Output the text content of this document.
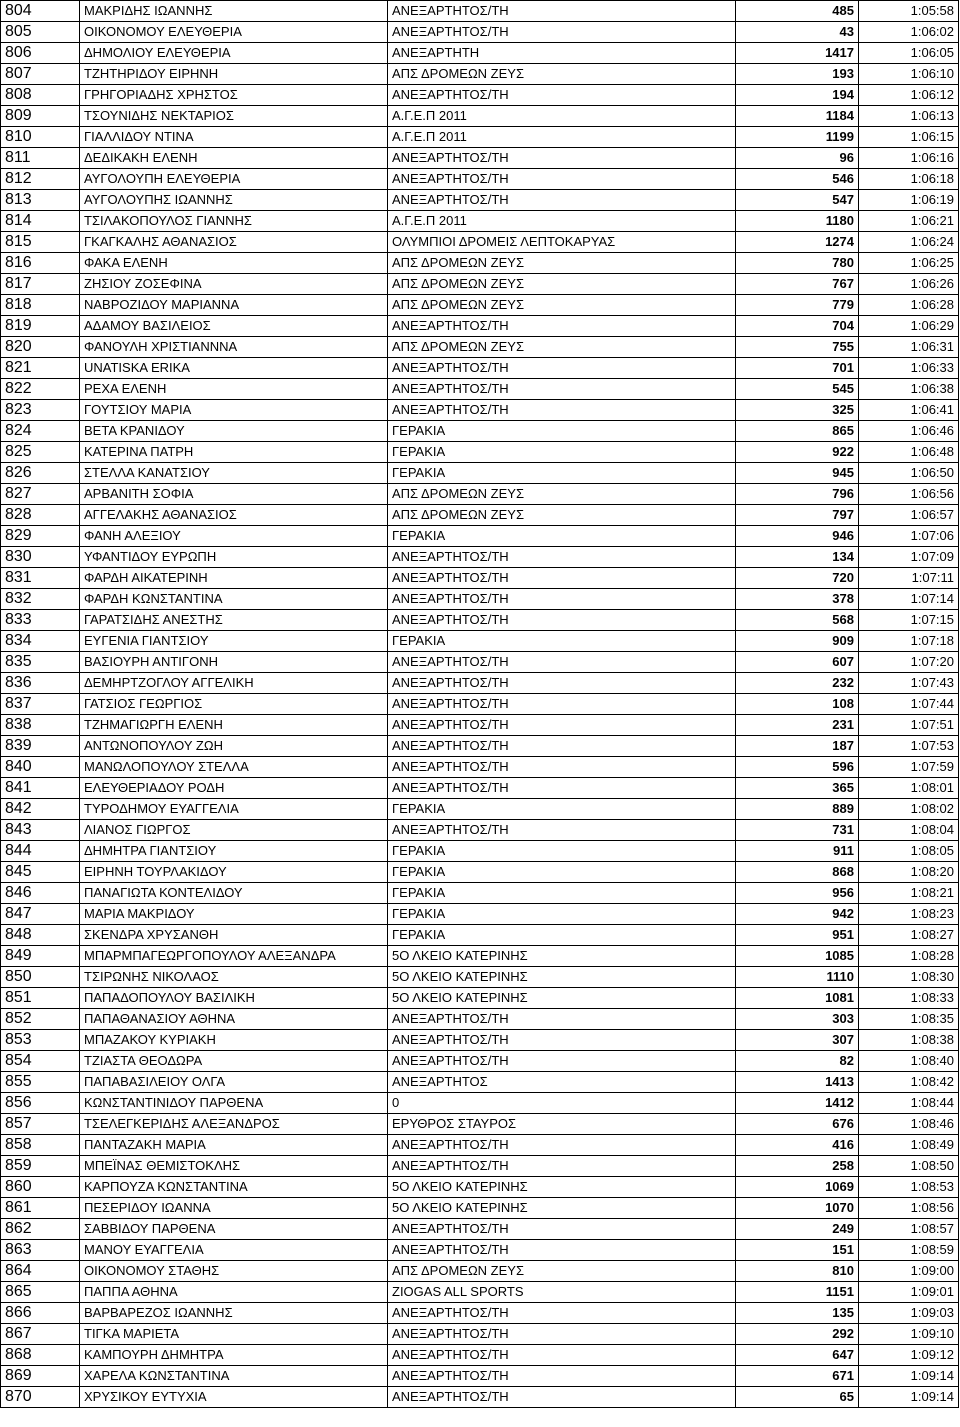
804	ΜΑΚΡΙΔΗΣ ΙΩΑΝΝΗΣ	ΑΝΕΞΑΡΤΗΤΟΣ/ΤΗ	485	1:05:58
805	ΟΙΚΟΝΟΜΟΥ ΕΛΕΥΘΕΡΙΑ	ΑΝΕΞΑΡΤΗΤΟΣ/ΤΗ	43	1:06:02
806	ΔΗΜΟΛΙΟΥ ΕΛΕΥΘΕΡΙΑ	ΑΝΕΞΑΡΤΗΤΗ	1417	1:06:05
807	ΤΖΗΤΗΡΙΔΟΥ ΕΙΡΗΝΗ	ΑΠΣ ΔΡΟΜΕΩΝ ΖΕΥΣ	193	1:06:10
808	ΓΡΗΓΟΡΙΑΔΗΣ ΧΡΗΣΤΟΣ	ΑΝΕΞΑΡΤΗΤΟΣ/ΤΗ	194	1:06:12
809	ΤΣΟΥΝΙΔΗΣ ΝΕΚΤΑΡΙΟΣ	Α.Γ.Ε.Π 2011	1184	1:06:13
810	ΓΙΑΛΛΙΔΟΥ ΝΤΙΝΑ	Α.Γ.Ε.Π 2011	1199	1:06:15
811	ΔΕΔΙΚΑΚΗ ΕΛΕΝΗ	ΑΝΕΞΑΡΤΗΤΟΣ/ΤΗ	96	1:06:16
812	ΑΥΓΟΛΟΥΠΗ ΕΛΕΥΘΕΡΙΑ	ΑΝΕΞΑΡΤΗΤΟΣ/ΤΗ	546	1:06:18
813	ΑΥΓΟΛΟΥΠΗΣ ΙΩΑΝΝΗΣ	ΑΝΕΞΑΡΤΗΤΟΣ/ΤΗ	547	1:06:19
814	ΤΣΙΛΑΚΟΠΟΥΛΟΣ ΓΙΑΝΝΗΣ	Α.Γ.Ε.Π 2011	1180	1:06:21
815	ΓΚΑΓΚΑΛΗΣ ΑΘΑΝΑΣΙΟΣ	ΟΛΥΜΠΙΟΙ ΔΡΟΜΕΙΣ ΛΕΠΤΟΚΑΡΥΑΣ	1274	1:06:24
816	ΦΑΚΑ ΕΛΕΝΗ	ΑΠΣ ΔΡΟΜΕΩΝ ΖΕΥΣ	780	1:06:25
817	ΖΗΣΙΟΥ ΖΟΣΕΦΙΝΑ	ΑΠΣ ΔΡΟΜΕΩΝ ΖΕΥΣ	767	1:06:26
818	ΝΑΒΡΟΖΙΔΟΥ ΜΑΡΙΑΝΝΑ	ΑΠΣ ΔΡΟΜΕΩΝ ΖΕΥΣ	779	1:06:28
819	ΑΔΑΜΟΥ ΒΑΣΙΛΕΙΟΣ	ΑΝΕΞΑΡΤΗΤΟΣ/ΤΗ	704	1:06:29
820	ΦΑΝΟΥΛΗ ΧΡΙΣΤΙΑΝΝΝΑ	ΑΠΣ ΔΡΟΜΕΩΝ ΖΕΥΣ	755	1:06:31
821	UNATISKA ERIKA	ΑΝΕΞΑΡΤΗΤΟΣ/ΤΗ	701	1:06:33
822	ΡΕΧΑ ΕΛΕΝΗ	ΑΝΕΞΑΡΤΗΤΟΣ/ΤΗ	545	1:06:38
823	ΓΟΥΤΣΙΟΥ ΜΑΡΙΑ	ΑΝΕΞΑΡΤΗΤΟΣ/ΤΗ	325	1:06:41
824	ΒΕΤΑ ΚΡΑΝΙΔΟΥ	ΓΕΡΑΚΙΑ	865	1:06:46
825	ΚΑΤΕΡΙΝΑ ΠΑΤΡΗ	ΓΕΡΑΚΙΑ	922	1:06:48
826	ΣΤΕΛΛΑ ΚΑΝΑΤΣΙΟΥ	ΓΕΡΑΚΙΑ	945	1:06:50
827	ΑΡΒΑΝΙΤΗ ΣΟΦΙΑ	ΑΠΣ ΔΡΟΜΕΩΝ ΖΕΥΣ	796	1:06:56
828	ΑΓΓΕΛΑΚΗΣ ΑΘΑΝΑΣΙΟΣ	ΑΠΣ ΔΡΟΜΕΩΝ ΖΕΥΣ	797	1:06:57
829	ΦΑΝΗ ΑΛΕΞΙΟΥ	ΓΕΡΑΚΙΑ	946	1:07:06
830	ΥΦΑΝΤΙΔΟΥ ΕΥΡΩΠΗ	ΑΝΕΞΑΡΤΗΤΟΣ/ΤΗ	134	1:07:09
831	ΦΑΡΔΗ ΑΙΚΑΤΕΡΙΝΗ	ΑΝΕΞΑΡΤΗΤΟΣ/ΤΗ	720	1:07:11
832	ΦΑΡΔΗ ΚΩΝΣΤΑΝΤΙΝΑ	ΑΝΕΞΑΡΤΗΤΟΣ/ΤΗ	378	1:07:14
833	ΓΑΡΑΤΣΙΔΗΣ ΑΝΕΣΤΗΣ	ΑΝΕΞΑΡΤΗΤΟΣ/ΤΗ	568	1:07:15
834	ΕΥΓΕΝΙΑ ΓΙΑΝΤΣΙΟΥ	ΓΕΡΑΚΙΑ	909	1:07:18
835	ΒΑΣΙΟΥΡΗ ΑΝΤΙΓΟΝΗ	ΑΝΕΞΑΡΤΗΤΟΣ/ΤΗ	607	1:07:20
836	ΔΕΜΗΡΤΖΟΓΛΟΥ ΑΓΓΕΛΙΚΗ	ΑΝΕΞΑΡΤΗΤΟΣ/ΤΗ	232	1:07:43
837	ΓΑΤΣΙΟΣ ΓΕΩΡΓΙΟΣ	ΑΝΕΞΑΡΤΗΤΟΣ/ΤΗ	108	1:07:44
838	ΤΖΗΜΑΓΙΩΡΓΗ ΕΛΕΝΗ	ΑΝΕΞΑΡΤΗΤΟΣ/ΤΗ	231	1:07:51
839	ΑΝΤΩΝΟΠΟΥΛΟΥ ΖΩΗ	ΑΝΕΞΑΡΤΗΤΟΣ/ΤΗ	187	1:07:53
840	ΜΑΝΩΛΟΠΟΥΛΟΥ ΣΤΕΛΛΑ	ΑΝΕΞΑΡΤΗΤΟΣ/ΤΗ	596	1:07:59
841	ΕΛΕΥΘΕΡΙΑΔΟΥ ΡΟΔΗ	ΑΝΕΞΑΡΤΗΤΟΣ/ΤΗ	365	1:08:01
842	ΤΥΡΟΔΗΜΟΥ ΕΥΑΓΓΕΛΙΑ	ΓΕΡΑΚΙΑ	889	1:08:02
843	ΛΙΑΝΟΣ ΓΙΩΡΓΟΣ	ΑΝΕΞΑΡΤΗΤΟΣ/ΤΗ	731	1:08:04
844	ΔΗΜΗΤΡΑ ΓΙΑΝΤΣΙΟΥ	ΓΕΡΑΚΙΑ	911	1:08:05
845	ΕΙΡΗΝΗ ΤΟΥΡΛΑΚΙΔΟΥ	ΓΕΡΑΚΙΑ	868	1:08:20
846	ΠΑΝΑΓΙΩΤΑ ΚΟΝΤΕΛΙΔΟΥ	ΓΕΡΑΚΙΑ	956	1:08:21
847	ΜΑΡΙΑ ΜΑΚΡΙΔΟΥ	ΓΕΡΑΚΙΑ	942	1:08:23
848	ΣΚΕΝΔΡΑ ΧΡΥΣΑΝΘΗ	ΓΕΡΑΚΙΑ	951	1:08:27
849	ΜΠΑΡΜΠΑΓΕΩΡΓΟΠΟΥΛΟΥ ΑΛΕΞΑΝΔΡΑ	5Ο ΛΚΕΙΟ ΚΑΤΕΡΙΝΗΣ	1085	1:08:28
850	ΤΣΙΡΩΝΗΣ ΝΙΚΟΛΑΟΣ	5Ο ΛΚΕΙΟ ΚΑΤΕΡΙΝΗΣ	1110	1:08:30
851	ΠΑΠΑΔΟΠΟΥΛΟΥ ΒΑΣΙΛΙΚΗ	5Ο ΛΚΕΙΟ ΚΑΤΕΡΙΝΗΣ	1081	1:08:33
852	ΠΑΠΑΘΑΝΑΣΙΟΥ ΑΘΗΝΑ	ΑΝΕΞΑΡΤΗΤΟΣ/ΤΗ	303	1:08:35
853	ΜΠΑΖΑΚΟΥ ΚΥΡΙΑΚΗ	ΑΝΕΞΑΡΤΗΤΟΣ/ΤΗ	307	1:08:38
854	ΤΖΙΑΣΤΑ ΘΕΟΔΩΡΑ	ΑΝΕΞΑΡΤΗΤΟΣ/ΤΗ	82	1:08:40
855	ΠΑΠΑΒΑΣΙΛΕΙΟΥ ΟΛΓΑ	ΑΝΕΞΑΡΤΗΤΟΣ	1413	1:08:42
856	ΚΩΝΣΤΑΝΤΙΝΙΔΟΥ ΠΑΡΘΕΝΑ	0	1412	1:08:44
857	ΤΣΕΛΕΓΚΕΡΙΔΗΣ ΑΛΕΞΑΝΔΡΟΣ	ΕΡΥΘΡΟΣ ΣΤΑΥΡΟΣ	676	1:08:46
858	ΠΑΝΤΑΖΑΚΗ ΜΑΡΙΑ	ΑΝΕΞΑΡΤΗΤΟΣ/ΤΗ	416	1:08:49
859	ΜΠΕΪΝΑΣ ΘΕΜΙΣΤΟΚΛΗΣ	ΑΝΕΞΑΡΤΗΤΟΣ/ΤΗ	258	1:08:50
860	ΚΑΡΠΟΥΖΑ ΚΩΝΣΤΑΝΤΙΝΑ	5Ο ΛΚΕΙΟ ΚΑΤΕΡΙΝΗΣ	1069	1:08:53
861	ΠΕΣΕΡΙΔΟΥ ΙΩΑΝΝΑ	5Ο ΛΚΕΙΟ ΚΑΤΕΡΙΝΗΣ	1070	1:08:56
862	ΣΑΒΒΙΔΟΥ ΠΑΡΘΕΝΑ	ΑΝΕΞΑΡΤΗΤΟΣ/ΤΗ	249	1:08:57
863	ΜΑΝΟΥ ΕΥΑΓΓΕΛΙΑ	ΑΝΕΞΑΡΤΗΤΟΣ/ΤΗ	151	1:08:59
864	ΟΙΚΟΝΟΜΟΥ ΣΤΑΘΗΣ	ΑΠΣ ΔΡΟΜΕΩΝ ΖΕΥΣ	810	1:09:00
865	ΠΑΠΠΑ ΑΘΗΝΑ	ZIOGAS ALL SPORTS	1151	1:09:01
866	ΒΑΡΒΑΡΕΖΟΣ ΙΩΑΝΝΗΣ	ΑΝΕΞΑΡΤΗΤΟΣ/ΤΗ	135	1:09:03
867	ΤΙΓΚΑ ΜΑΡΙΕΤΑ	ΑΝΕΞΑΡΤΗΤΟΣ/ΤΗ	292	1:09:10
868	ΚΑΜΠΟΥΡΗ ΔΗΜΗΤΡΑ	ΑΝΕΞΑΡΤΗΤΟΣ/ΤΗ	647	1:09:12
869	ΧΑΡΕΛΑ ΚΩΝΣΤΑΝΤΙΝΑ	ΑΝΕΞΑΡΤΗΤΟΣ/ΤΗ	671	1:09:14
870	ΧΡΥΣΙΚΟΥ ΕΥΤΥΧΙΑ	ΑΝΕΞΑΡΤΗΤΟΣ/ΤΗ	65	1:09:14
